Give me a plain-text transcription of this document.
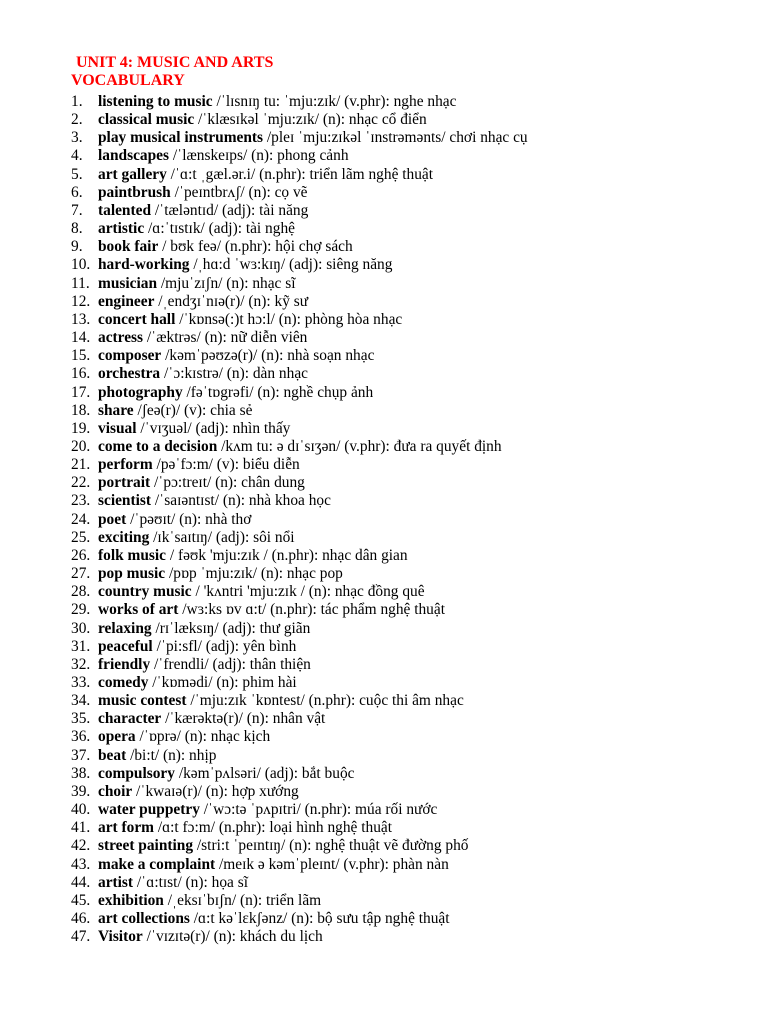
UNIT 4: MUSIC AND ARTS
VOCABULARY
1.	listening to music /ˈlɪsnɪŋ tu: ˈmju:zɪk/ (v.phr): nghe nhạc
2.	classical music /ˈklæsɪkəl ˈmju:zɪk/ (n): nhạc cổ điển
3.	play musical instruments /pleɪ ˈmju:zɪkəl ˈɪnstrəmənts/ chơi nhạc cụ
4.	landscapes /ˈlænskeɪps/ (n): phong cảnh
5.	art gallery /ˈɑ:t ˌgæl.ər.i/ (n.phr): triển lãm nghệ thuật
6.	paintbrush /ˈpeɪntbrʌʃ/ (n): cọ vẽ
7.	talented /ˈtæləntɪd/ (adj): tài năng
8.	artistic /ɑ:ˈtɪstɪk/ (adj): tài nghệ
9.	book fair / bʊk feə/ (n.phr): hội chợ sách
10. hard-working /ˌhɑ:d ˈwɜ:kɪŋ/ (adj): siêng năng
11. musician /mjuˈzɪʃn/ (n): nhạc sĩ
12. engineer /ˌendʒɪˈnɪə(r)/ (n): kỹ sư
13. concert hall /ˈkɒnsə(:)t hɔ:l/ (n): phòng hòa nhạc
14. actress /ˈæktrəs/ (n): nữ diễn viên
15. composer /kəmˈpəʊzə(r)/ (n): nhà soạn nhạc
16. orchestra /ˈɔ:kɪstrə/ (n): dàn nhạc
17. photography /fəˈtɒgrəfi/ (n): nghề chụp ảnh
18. share /ʃeə(r)/ (v): chia sẻ
19. visual /ˈvɪʒuəl/ (adj): nhìn thấy
20. come to a decision /kʌm tu: ə dɪˈsɪʒən/ (v.phr): đưa ra quyết định
21. perform /pəˈfɔ:m/ (v): biểu diễn
22. portrait /ˈpɔ:treɪt/ (n): chân dung
23. scientist /ˈsaɪəntɪst/ (n): nhà khoa học
24. poet /ˈpəʊɪt/ (n): nhà thơ
25. exciting /ɪkˈsaɪtɪŋ/ (adj): sôi nổi
26. folk music / fəʊk 'mju:zɪk / (n.phr): nhạc dân gian
27. pop music /pɒp ˈmju:zɪk/ (n): nhạc pop
28. country music / 'kʌntri 'mju:zɪk / (n): nhạc đồng quê
29. works of art /wɜ:ks ɒv ɑ:t/ (n.phr): tác phẩm nghệ thuật
30. relaxing /rɪˈlæksɪŋ/ (adj): thư giãn
31. peaceful /ˈpi:sfl/ (adj): yên bình
32. friendly /ˈfrendli/ (adj): thân thiện
33. comedy /ˈkɒmədi/ (n): phim hài
34. music contest /ˈmju:zɪk ˈkɒntest/ (n.phr): cuộc thi âm nhạc
35. character /ˈkærəktə(r)/ (n): nhân vật
36. opera /ˈɒprə/ (n): nhạc kịch
37. beat /bi:t/ (n): nhịp
38. compulsory /kəmˈpʌlsəri/ (adj): bắt buộc
39. choir /ˈkwaɪə(r)/ (n): hợp xướng
40. water puppetry /ˈwɔ:tə ˈpʌpɪtri/ (n.phr): múa rối nước
41. art form /ɑ:t fɔ:m/ (n.phr): loại hình nghệ thuật
42. street painting /stri:t ˈpeɪntɪŋ/ (n): nghệ thuật vẽ đường phố
43. make a complaint /meɪk ə kəmˈpleɪnt/ (v.phr): phàn nàn
44. artist /ˈɑ:tɪst/ (n): họa sĩ
45. exhibition /ˌeksɪˈbɪʃn/ (n): triển lãm
46. art collections /ɑ:t kəˈlɛkʃənz/ (n): bộ sưu tập nghệ thuật
47. Visitor /ˈvɪzɪtə(r)/ (n): khách du lịch
